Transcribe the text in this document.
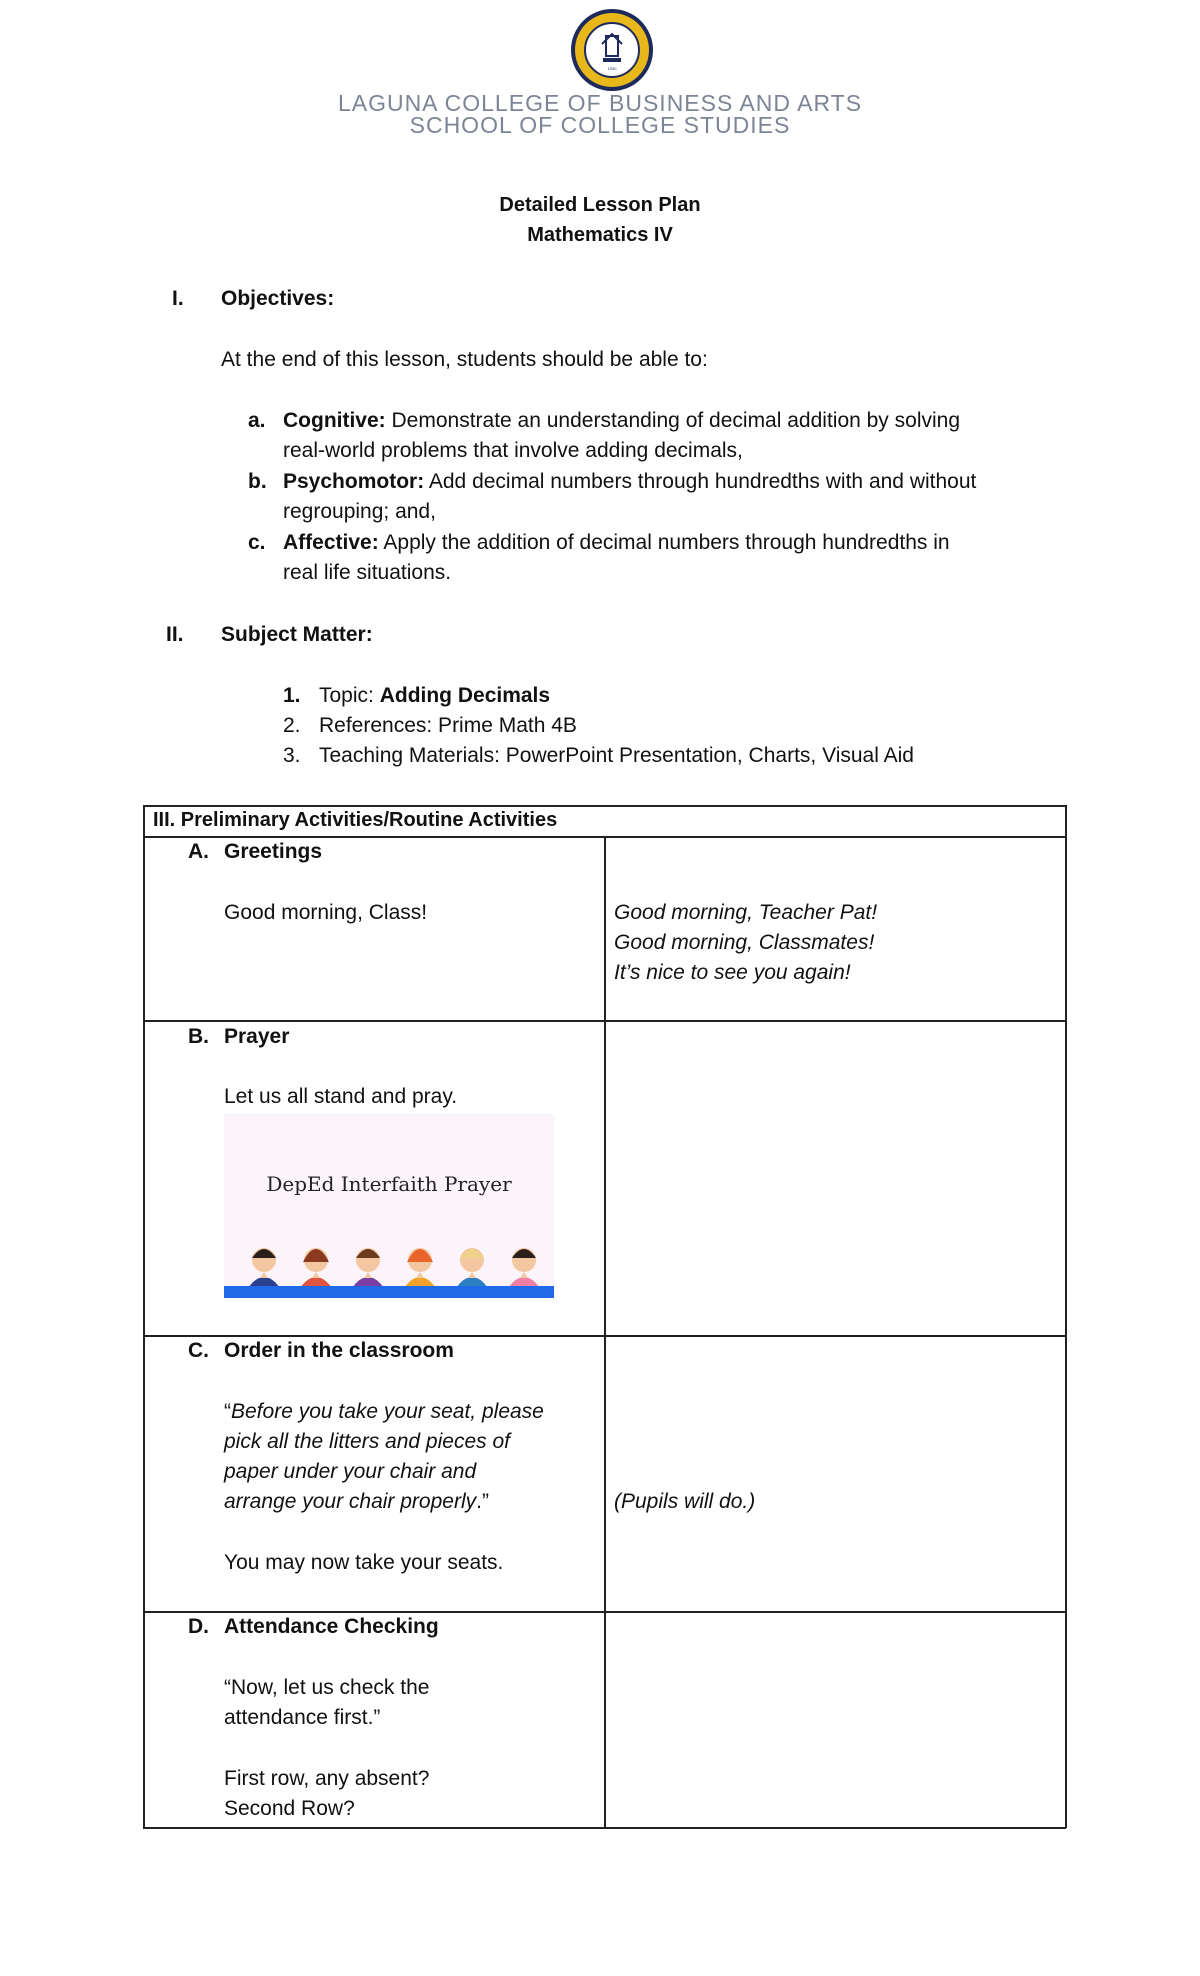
1930
LAGUNA COLLEGE OF BUSINESS AND ARTS
SCHOOL OF COLLEGE STUDIES
Detailed Lesson Plan
Mathematics IV
I. Objectives:
At the end of this lesson, students should be able to:
a. Cognitive: Demonstrate an understanding of decimal addition by solving
real-world problems that involve adding decimals,
b. Psychomotor: Add decimal numbers through hundredths with and without
regrouping; and,
c. Affective: Apply the addition of decimal numbers through hundredths in
real life situations.
II. Subject Matter:
1. Topic: Adding Decimals
2. References: Prime Math 4B
3. Teaching Materials: PowerPoint Presentation, Charts, Visual Aid
III. Preliminary Activities/Routine Activities
A. Greetings
Good morning, Class!	Good morning, Teacher Pat!
Good morning, Classmates!
It’s nice to see you again!
B. Prayer
Let us all stand and pray.
DepEd Interfaith Prayer
C. Order in the classroom
“Before you take your seat, please
pick all the litters and pieces of
paper under your chair and
arrange your chair properly.”
You may now take your seats.
(Pupils will do.)
D. Attendance Checking
“Now, let us check the
attendance first.”
First row, any absent?
Second Row?
